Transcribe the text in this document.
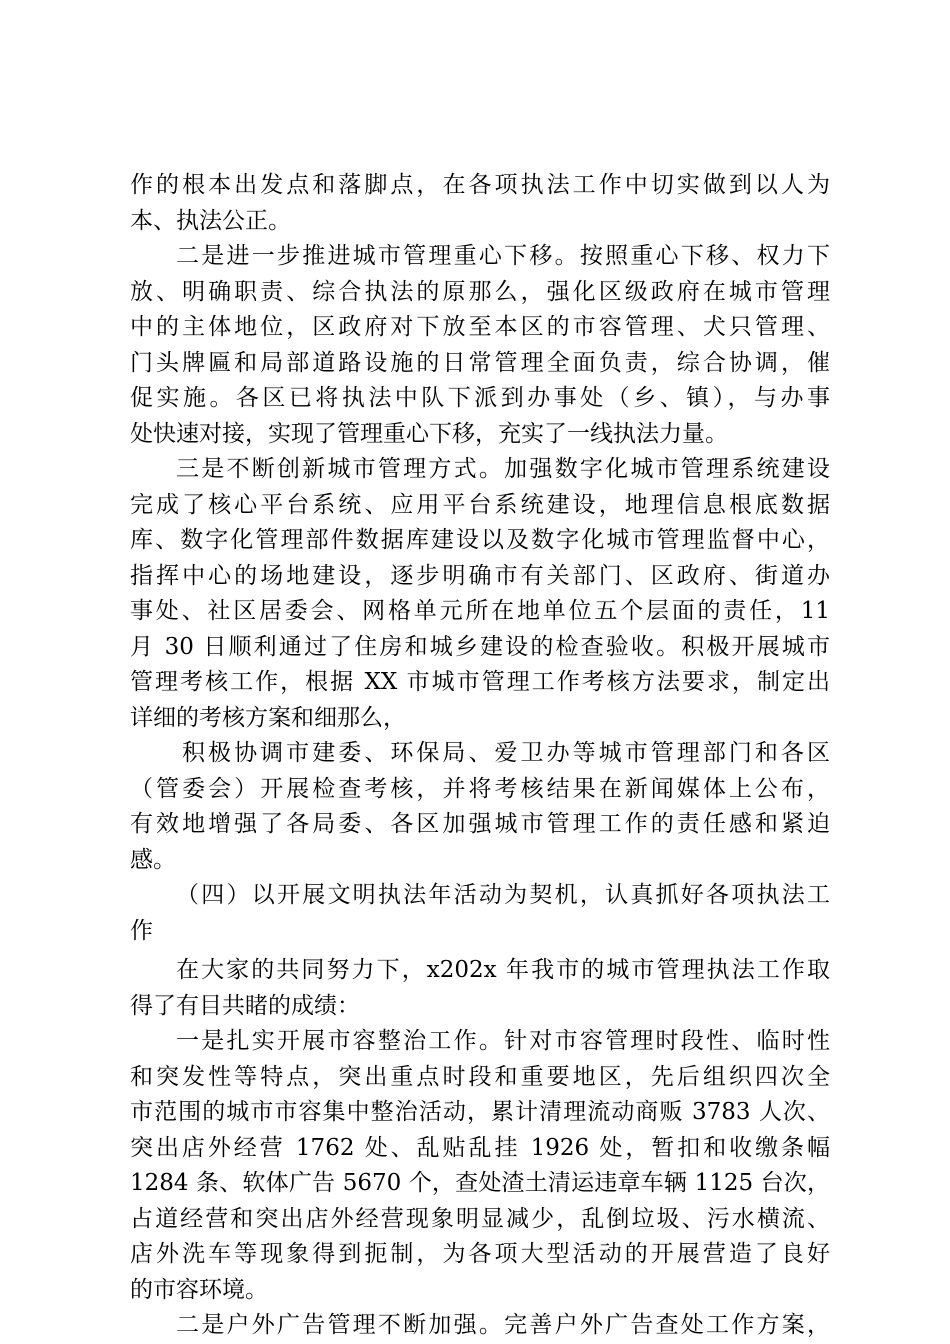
作的根本出发点和落脚点，在各项执法工作中切实做到以人为
本、执法公正。
二是进一步推进城市管理重心下移。按照重心下移、权力下
放、明确职责、综合执法的原那么，强化区级政府在城市管理
中的主体地位，区政府对下放至本区的市容管理、犬只管理、
门头牌匾和局部道路设施的日常管理全面负责，综合协调，催
促实施。各区已将执法中队下派到办事处（乡、镇），与办事
处快速对接，实现了管理重心下移，充实了一线执法力量。
三是不断创新城市管理方式。加强数字化城市管理系统建设
完成了核心平台系统、应用平台系统建设，地理信息根底数据
库、数字化管理部件数据库建设以及数字化城市管理监督中心，
指挥中心的场地建设，逐步明确市有关部门、区政府、街道办
事处、社区居委会、网格单元所在地单位五个层面的责任，11
月 30 日顺利通过了住房和城乡建设的检查验收。积极开展城市
管理考核工作，根据 XX 市城市管理工作考核方法要求，制定出
详细的考核方案和细那么，
积极协调市建委、环保局、爱卫办等城市管理部门和各区
（管委会）开展检查考核，并将考核结果在新闻媒体上公布，
有效地增强了各局委、各区加强城市管理工作的责任感和紧迫
感。
（四）以开展文明执法年活动为契机，认真抓好各项执法工
作
在大家的共同努力下，x202x 年我市的城市管理执法工作取
得了有目共睹的成绩：
一是扎实开展市容整治工作。针对市容管理时段性、临时性
和突发性等特点，突出重点时段和重要地区，先后组织四次全
市范围的城市市容集中整治活动，累计清理流动商贩 3783 人次、
突出店外经营 1762 处、乱贴乱挂 1926 处，暂扣和收缴条幅
1284 条、软体广告 5670 个，查处渣土清运违章车辆 1125 台次，
占道经营和突出店外经营现象明显减少，乱倒垃圾、污水横流、
店外洗车等现象得到扼制，为各项大型活动的开展营造了良好
的市容环境。
二是户外广告管理不断加强。完善户外广告查处工作方案，
